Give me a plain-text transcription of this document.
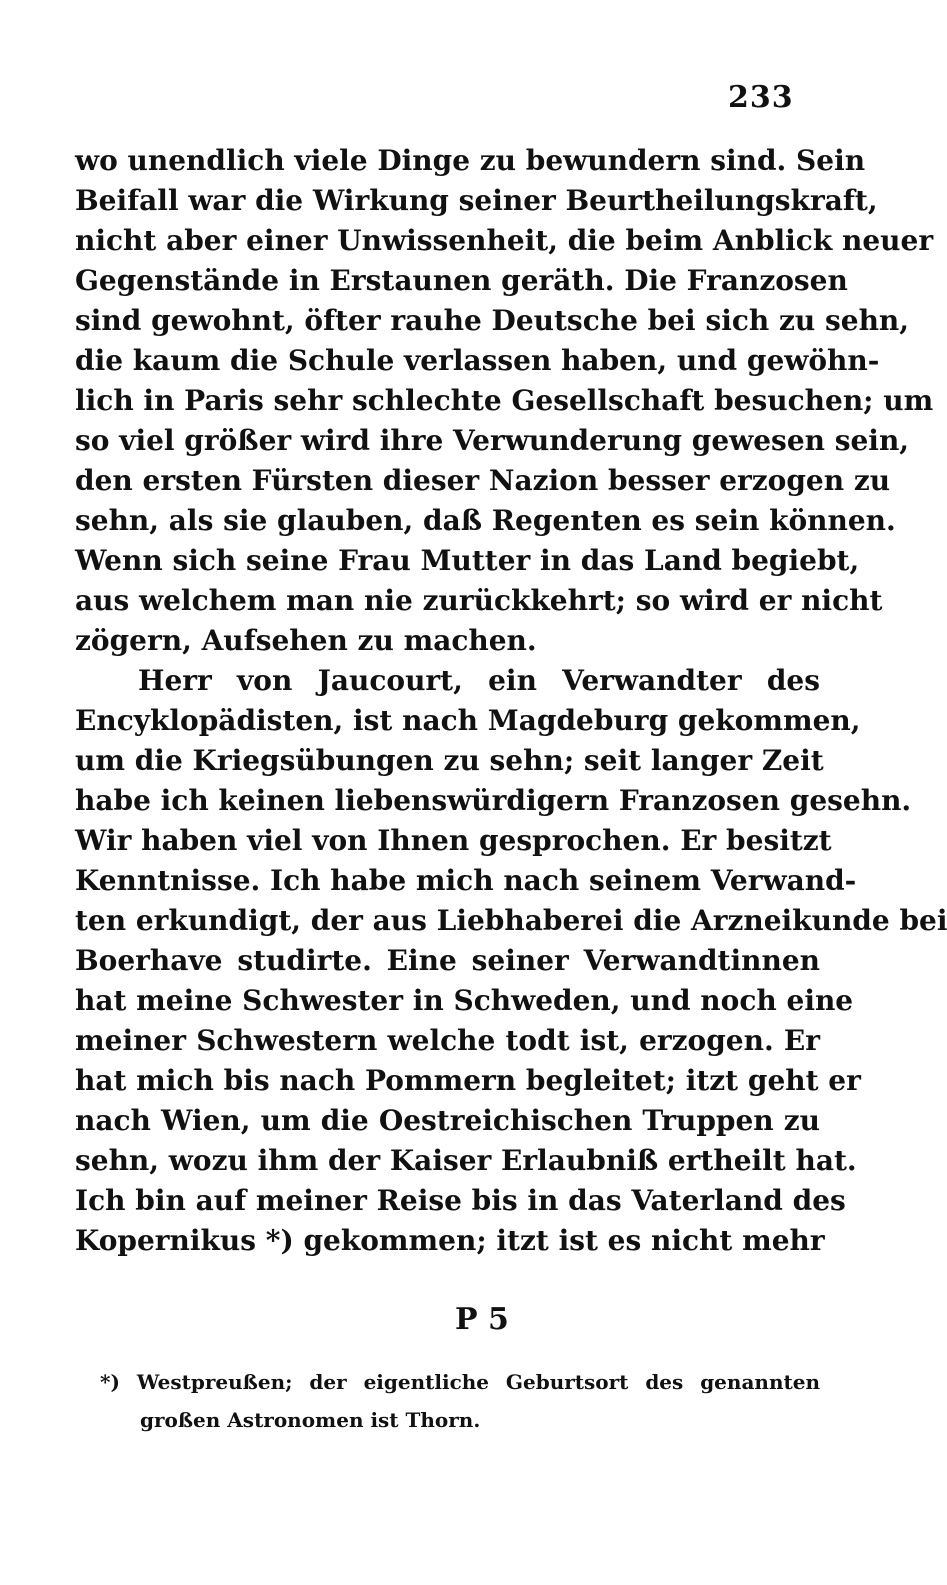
233
wo unendlich viele Dinge zu bewundern sind. Sein
Beifall war die Wirkung seiner Beurtheilungskraft,
nicht aber einer Unwissenheit, die beim Anblick neuer
Gegenstände in Erstaunen geräth. Die Franzosen
sind gewohnt, öfter rauhe Deutsche bei sich zu sehn,
die kaum die Schule verlassen haben, und gewöhn-
lich in Paris sehr schlechte Gesellschaft besuchen; um
so viel größer wird ihre Verwunderung gewesen sein,
den ersten Fürsten dieser Nazion besser erzogen zu
sehn, als sie glauben, daß Regenten es sein können.
Wenn sich seine Frau Mutter in das Land begiebt,
aus welchem man nie zurückkehrt; so wird er nicht
zögern, Aufsehen zu machen.
Herr von Jaucourt, ein Verwandter des
Encyklopädisten, ist nach Magdeburg gekommen,
um die Kriegsübungen zu sehn; seit langer Zeit
habe ich keinen liebenswürdigern Franzosen gesehn.
Wir haben viel von Ihnen gesprochen. Er besitzt
Kenntnisse. Ich habe mich nach seinem Verwand-
ten erkundigt, der aus Liebhaberei die Arzneikunde bei
Boerhave studirte. Eine seiner Verwandtinnen
hat meine Schwester in Schweden, und noch eine
meiner Schwestern welche todt ist, erzogen. Er
hat mich bis nach Pommern begleitet; itzt geht er
nach Wien, um die Oestreichischen Truppen zu
sehn, wozu ihm der Kaiser Erlaubniß ertheilt hat.
Ich bin auf meiner Reise bis in das Vaterland des
Kopernikus *) gekommen; itzt ist es nicht mehr
P 5
*) Westpreußen; der eigentliche Geburtsort des genannten
großen Astronomen ist Thorn.
